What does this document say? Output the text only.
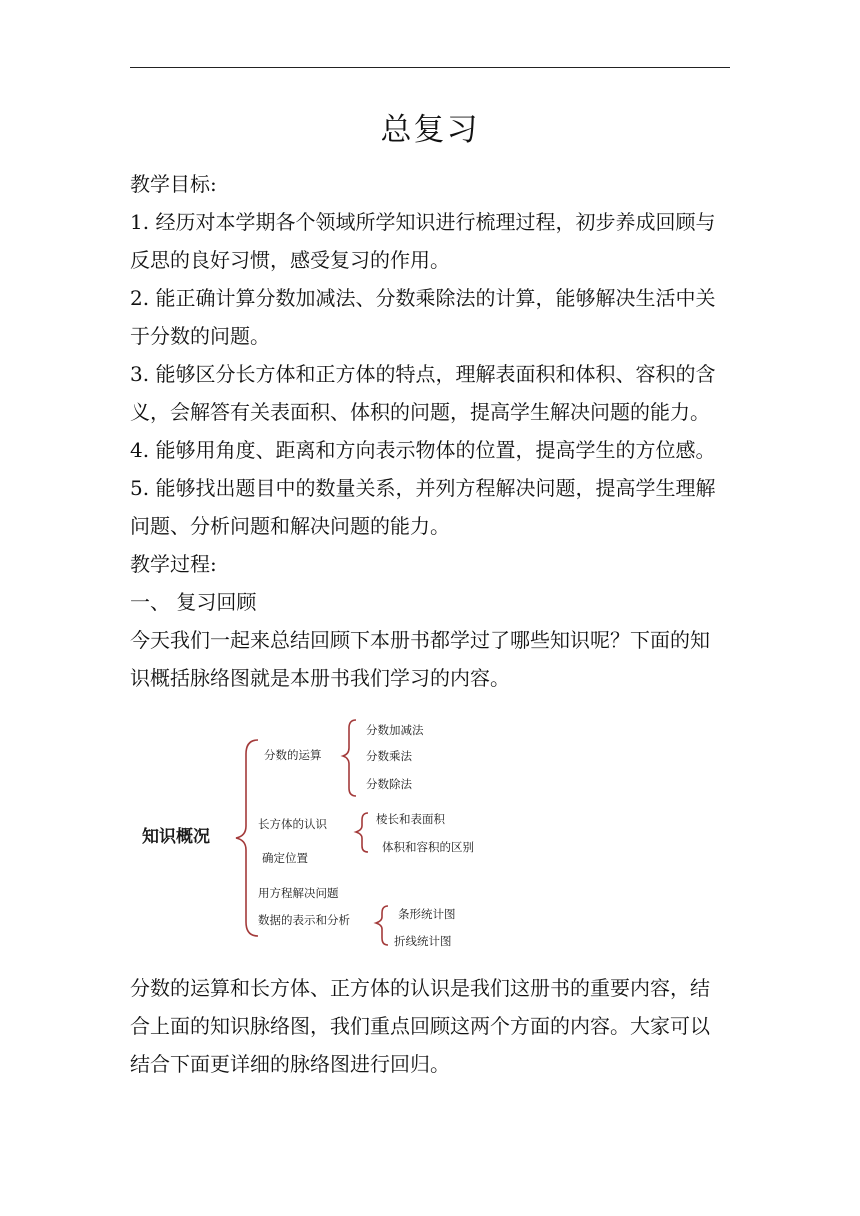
总复习
教学目标:
1. 经历对本学期各个领域所学知识进行梳理过程，初步养成回顾与
反思的良好习惯，感受复习的作用。
2. 能正确计算分数加减法、分数乘除法的计算，能够解决生活中关
于分数的问题。
3. 能够区分长方体和正方体的特点，理解表面积和体积、容积的含
义，会解答有关表面积、体积的问题，提高学生解决问题的能力。
4. 能够用角度、距离和方向表示物体的位置，提高学生的方位感。
5. 能够找出题目中的数量关系，并列方程解决问题，提高学生理解
问题、分析问题和解决问题的能力。
教学过程:
一、 复习回顾
今天我们一起来总结回顾下本册书都学过了哪些知识呢？下面的知
识概括脉络图就是本册书我们学习的内容。
知识概况
分数的运算
分数加减法
分数乘法
分数除法
长方体的认识	棱长和表面积
体积和容积的区别
确定位置
用方程解决问题
数据的表示和分析	条形统计图
折线统计图
分数的运算和长方体、正方体的认识是我们这册书的重要内容，结
合上面的知识脉络图，我们重点回顾这两个方面的内容。大家可以
结合下面更详细的脉络图进行回归。
